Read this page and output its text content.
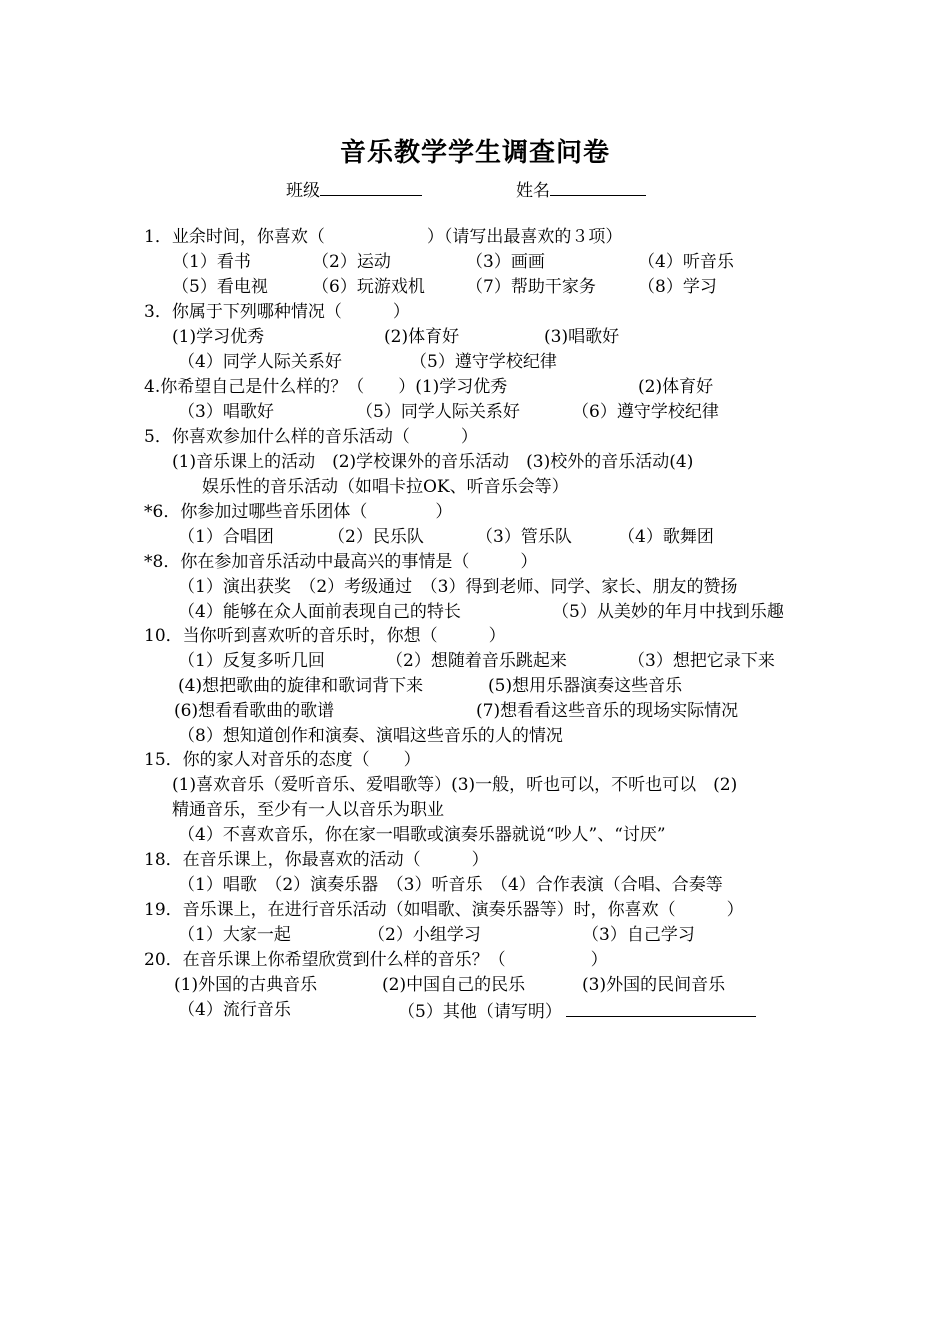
音乐教学学生调查问卷
班级	姓名
1．业余时间，你喜欢（　　　　　　）（请写出最喜欢的３项）
（1）看书	（2）运动	（3）画画	（4）听音乐
（5）看电视	（6）玩游戏机 （7）帮助干家务 （8）学习
3．你属于下列哪种情况（　　　）
(1)学习优秀	(2)体育好	(3)唱歌好
（4）同学人际关系好	（5）遵守学校纪律
4.你希望自己是什么样的？（　　）(1)学习优秀	(2)体育好
（3）唱歌好	（5）同学人际关系好	（6）遵守学校纪律
5．你喜欢参加什么样的音乐活动（　　　）
(1)音乐课上的活动　(2)学校课外的音乐活动　(3)校外的音乐活动(4)
娱乐性的音乐活动（如唱卡拉OK、听音乐会等）
*6．你参加过哪些音乐团体（　　　　）
（1）合唱团	（2）民乐队	（3）管乐队	（4）歌舞团
*8．你在参加音乐活动中最高兴的事情是（　　　）
（1）演出获奖　（2）考级通过　（3）得到老师、同学、家长、朋友的赞扬
（4）能够在众人面前表现自己的特长	（5）从美妙的年月中找到乐趣
10．当你听到喜欢听的音乐时，你想（　　　）
（1）反复多听几回	（2）想随着音乐跳起来	（3）想把它录下来
(4)想把歌曲的旋律和歌词背下来	(5)想用乐器演奏这些音乐
(6)想看看歌曲的歌谱	(7)想看看这些音乐的现场实际情况
（8）想知道创作和演奏、演唱这些音乐的人的情况
15．你的家人对音乐的态度（　　）
(1)喜欢音乐（爱听音乐、爱唱歌等）(3)一般，听也可以，不听也可以　(2)
精通音乐，至少有一人以音乐为职业
（4）不喜欢音乐，你在家一唱歌或演奏乐器就说“吵人”、“讨厌”
18．在音乐课上，你最喜欢的活动（　　　）
（1）唱歌　（2）演奏乐器　（3）听音乐　（4）合作表演（合唱、合奏等
19．音乐课上，在进行音乐活动（如唱歌、演奏乐器等）时，你喜欢（　　　）
（1）大家一起	（2）小组学习	（3）自己学习
20．在音乐课上你希望欣赏到什么样的音乐？（　　　　　）
(1)外国的古典音乐	(2)中国自己的民乐	(3)外国的民间音乐
（4）流行音乐	（5）其他（请写明）
